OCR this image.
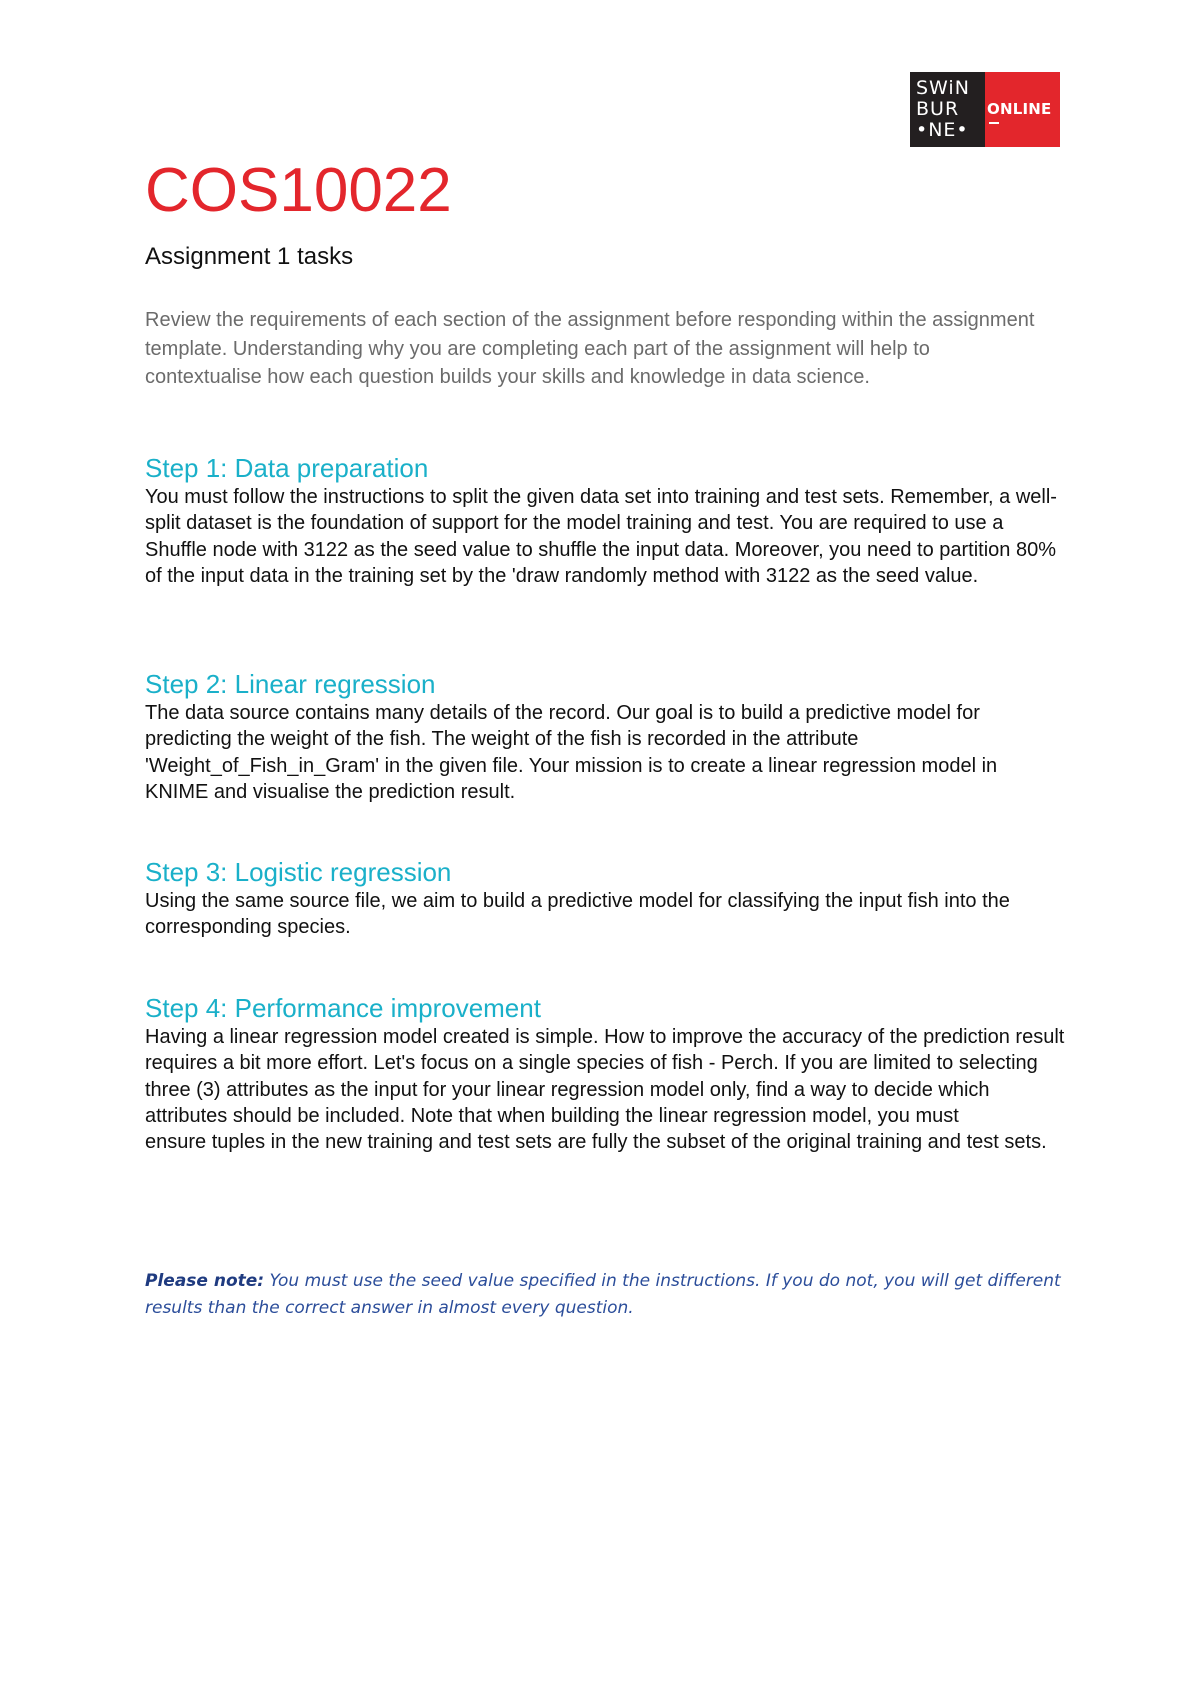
SWiN
BUR
•NE•
ONLINE
COS10022
Assignment 1 tasks

Review the requirements of each section of the assignment before responding within the assignment template. Understanding why you are completing each part of the assignment will help to contextualise how each question builds your skills and knowledge in data science.

Step 1: Data preparation

You must follow the instructions to split the given data set into training and test sets. Remember, a well-split dataset is the foundation of support for the model training and test. You are required to use a Shuffle node with 3122 as the seed value to shuffle the input data. Moreover, you need to partition 80% of the input data in the training set by the 'draw randomly method with 3122 as the seed value.

Step 2: Linear regression

The data source contains many details of the record. Our goal is to build a predictive model for predicting the weight of the fish. The weight of the fish is recorded in the attribute 'Weight_of_Fish_in_Gram' in the given file. Your mission is to create a linear regression model in KNIME and visualise the prediction result.

Step 3: Logistic regression

Using the same source file, we aim to build a predictive model for classifying the input fish into the corresponding species.

Step 4: Performance improvement

Having a linear regression model created is simple. How to improve the accuracy of the prediction result requires a bit more effort. Let's focus on a single species of fish - Perch. If you are limited to selecting three (3) attributes as the input for your linear regression model only, find a way to decide which attributes should be included. Note that when building the linear regression model, you must

ensure tuples in the new training and test sets are fully the subset of the original training and test sets.

Please note: You must use the seed value specified in the instructions. If you do not, you will get different results than the correct answer in almost every question.
